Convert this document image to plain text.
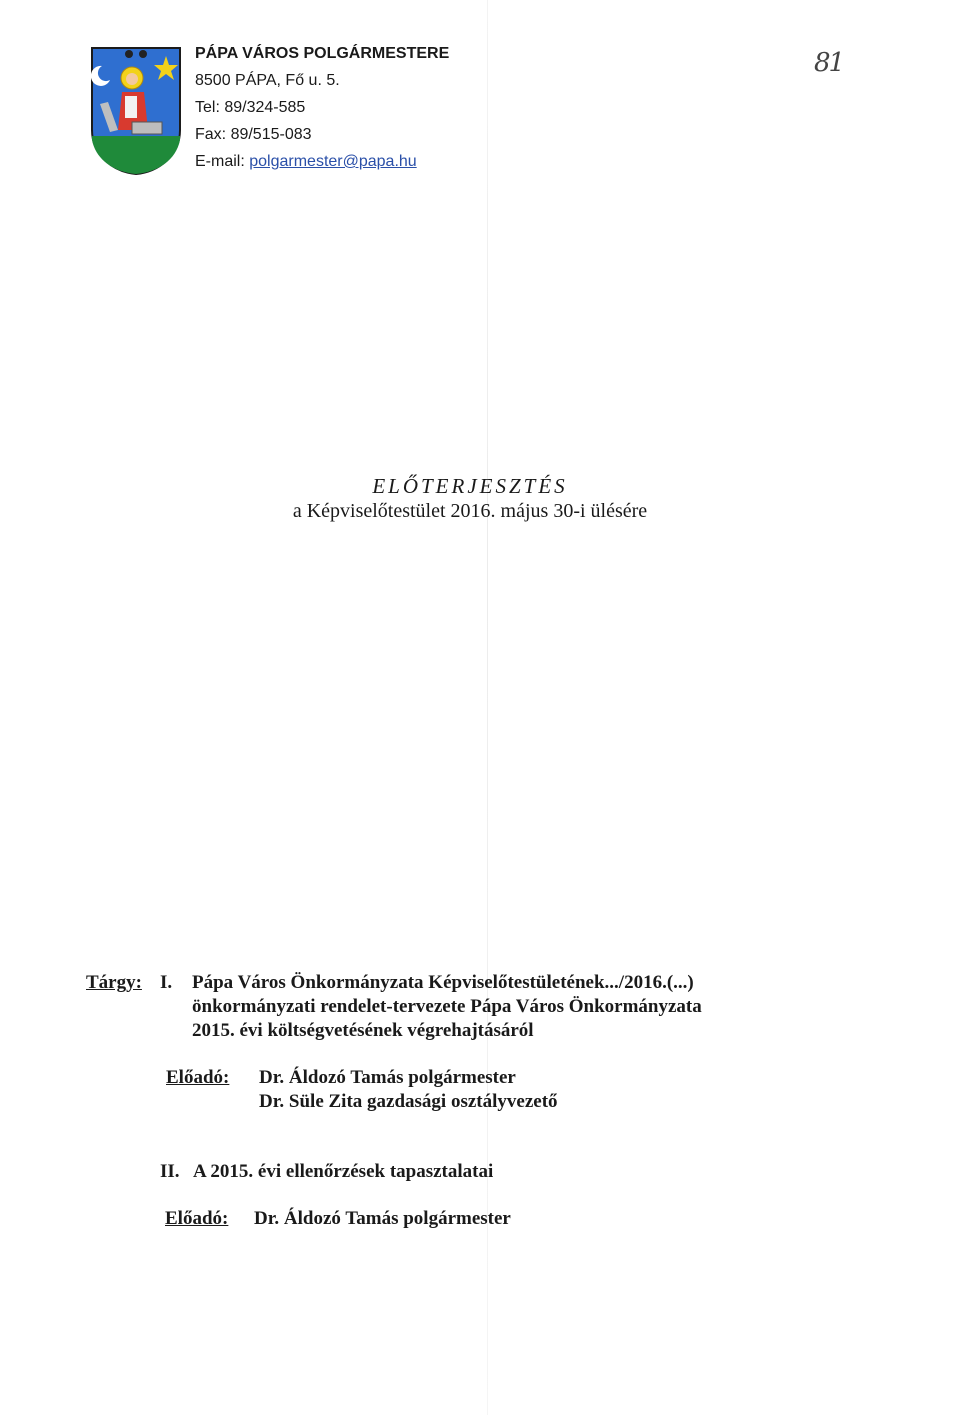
PÁPA VÁROS POLGÁRMESTERE
8500 PÁPA, Fő u. 5.
Tel: 89/324-585
Fax: 89/515-083
E-mail: polgarmester@papa.hu
81
ELŐTERJESZTÉS
a Képviselőtestület 2016. május 30-i ülésére
Tárgy: I. Pápa Város Önkormányzata Képviselőtestületének.../2016.(...)
önkormányzati rendelet-tervezete Pápa Város Önkormányzata
2015. évi költségvetésének végrehajtásáról
Előadó: Dr. Áldozó Tamás polgármester
Dr. Süle Zita gazdasági osztályvezető
II. A 2015. évi ellenőrzések tapasztalatai
Előadó: Dr. Áldozó Tamás polgármester
